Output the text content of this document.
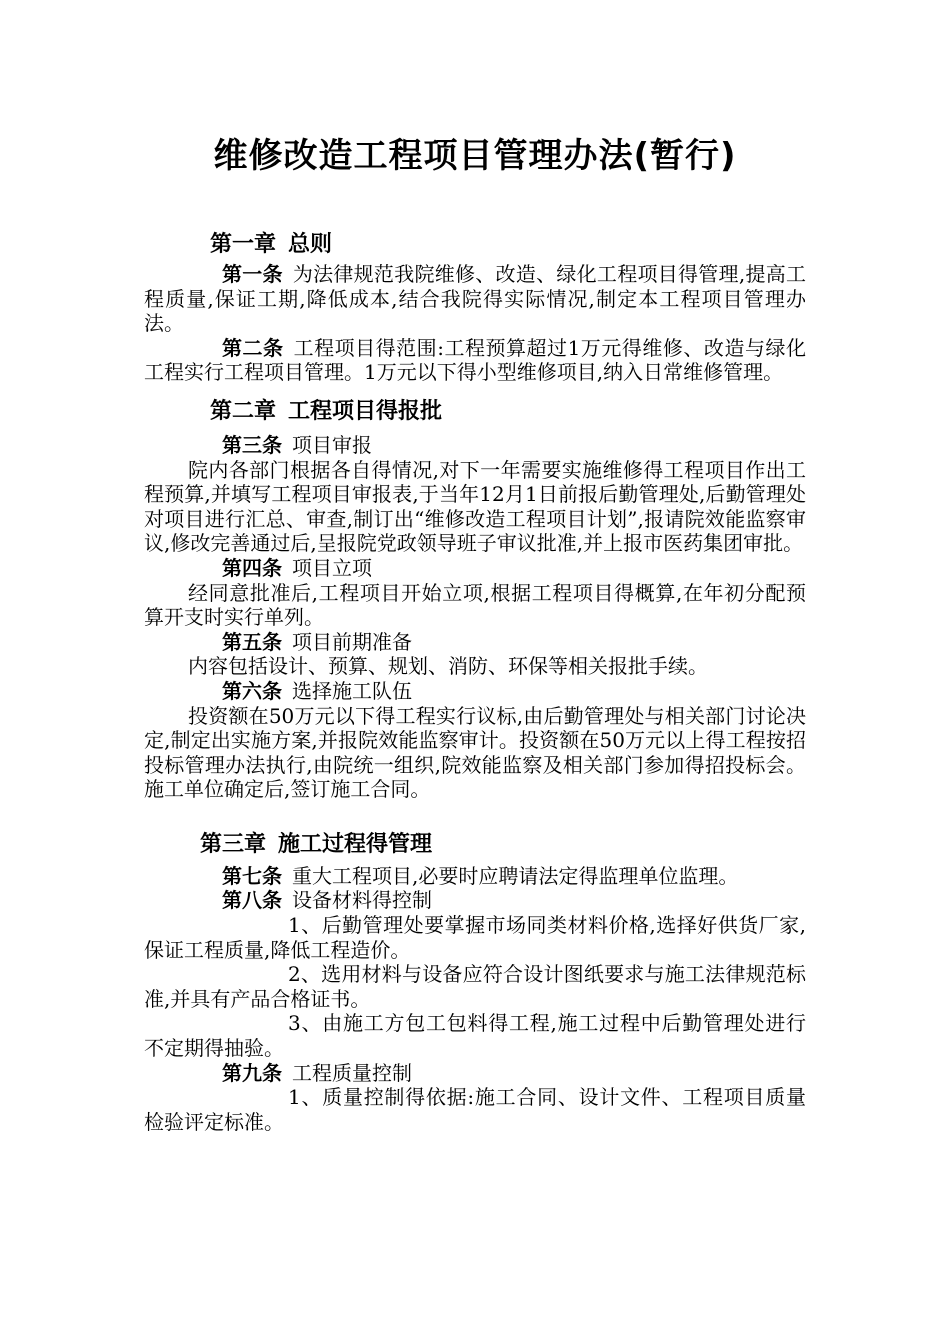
维修改造工程项目管理办法(暂行)
第一章 总则

第一条 为法律规范我院维修、改造、绿化工程项目得管理,提高工程质量,保证工期,降低成本,结合我院得实际情况,制定本工程项目管理办法。

第二条 工程项目得范围:工程预算超过1万元得维修、改造与绿化工程实行工程项目管理。1万元以下得小型维修项目,纳入日常维修管理。

第二章 工程项目得报批

第三条 项目审报

院内各部门根据各自得情况,对下一年需要实施维修得工程项目作出工程预算,并填写工程项目审报表,于当年12月1日前报后勤管理处,后勤管理处对项目进行汇总、审查,制订出“维修改造工程项目计划”,报请院效能监察审议,修改完善通过后,呈报院党政领导班子审议批准,并上报市医药集团审批。

第四条 项目立项

经同意批准后,工程项目开始立项,根据工程项目得概算,在年初分配预算开支时实行单列。

第五条 项目前期准备

内容包括设计、预算、规划、消防、环保等相关报批手续。

第六条 选择施工队伍

投资额在50万元以下得工程实行议标,由后勤管理处与相关部门讨论决定,制定出实施方案,并报院效能监察审计。投资额在50万元以上得工程按招投标管理办法执行,由院统一组织,院效能监察及相关部门参加得招投标会。施工单位确定后,签订施工合同。

第三章 施工过程得管理

第七条 重大工程项目,必要时应聘请法定得监理单位监理。

第八条 设备材料得控制

1、后勤管理处要掌握市场同类材料价格,选择好供货厂家,保证工程质量,降低工程造价。

2、选用材料与设备应符合设计图纸要求与施工法律规范标准,并具有产品合格证书。

3、由施工方包工包料得工程,施工过程中后勤管理处进行不定期得抽验。

第九条 工程质量控制

1、质量控制得依据:施工合同、设计文件、工程项目质量检验评定标准。
